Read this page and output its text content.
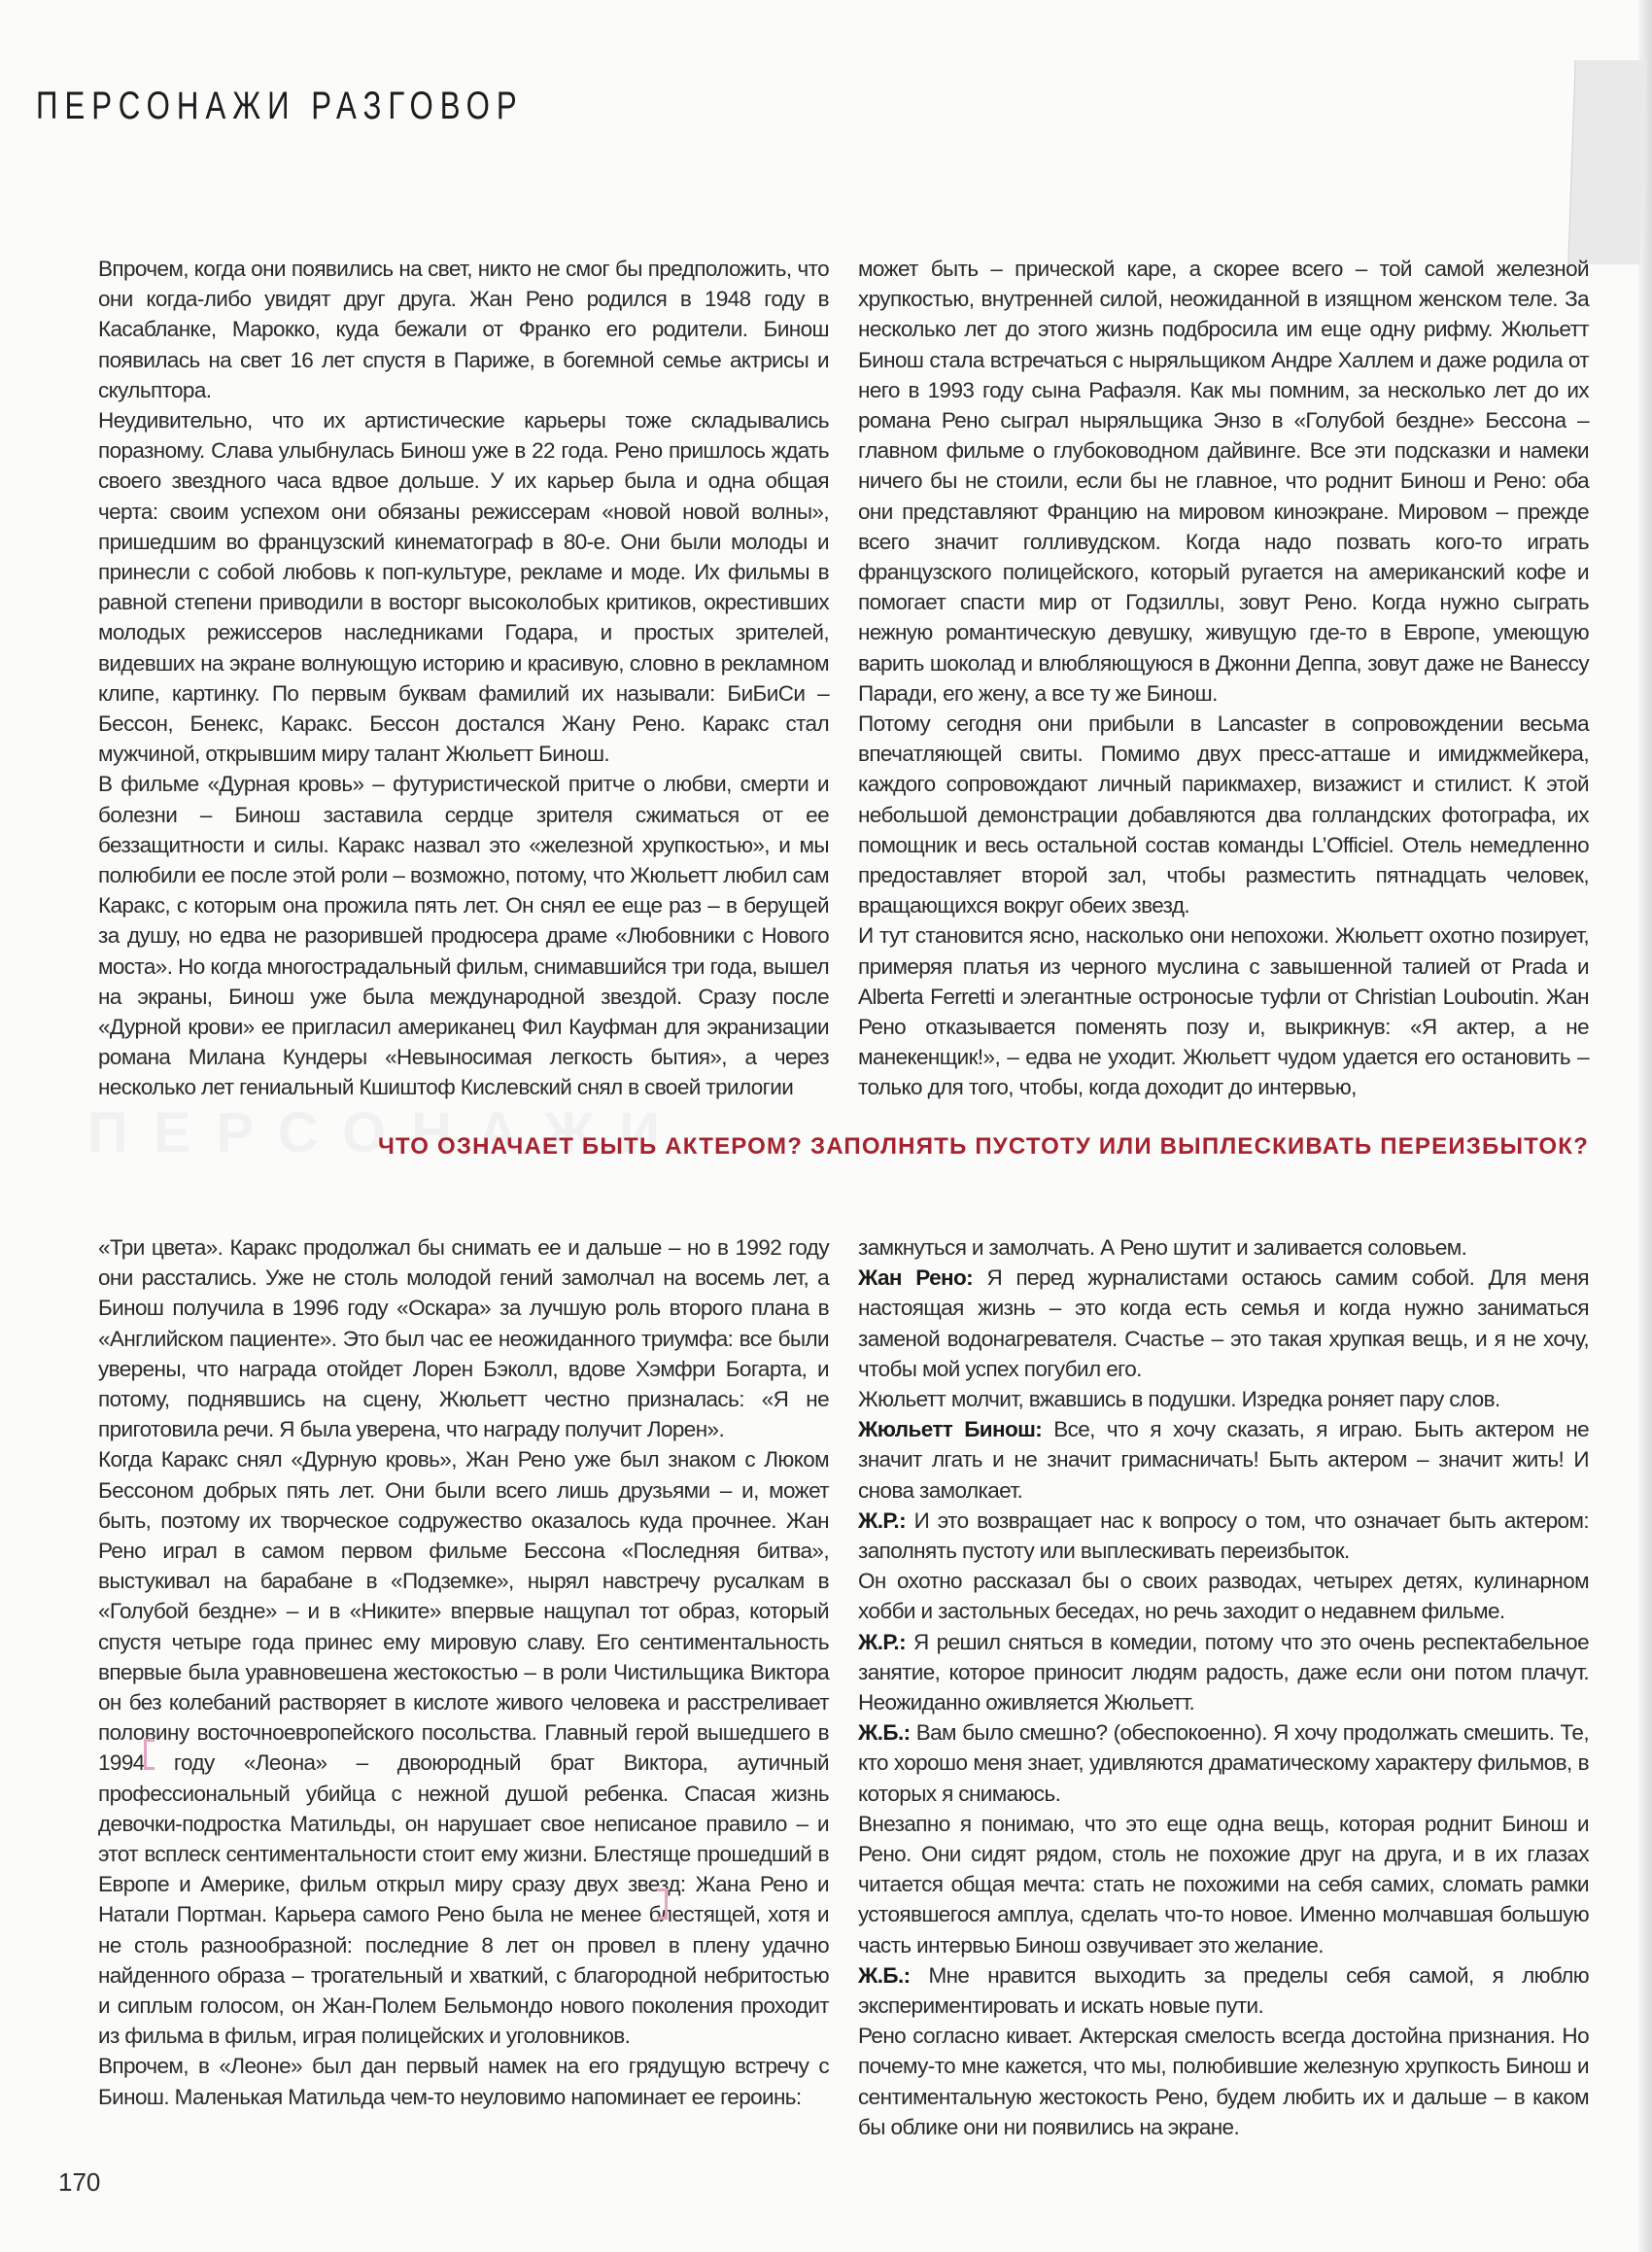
ПЕРСОНАЖИ РАЗГОВОР

Впрочем, когда они появились на свет, никто не смог бы предположить, что они когда-либо увидят друг друга. Жан Рено родился в 1948 году в Касабланке, Марокко, куда бежали от Франко его родители. Бинош появилась на свет 16 лет спустя в Париже, в богемной семье актрисы и скульптора.

Неудивительно, что их артистические карьеры тоже складывались поразному. Слава улыбнулась Бинош уже в 22 года. Рено пришлось ждать своего звездного часа вдвое дольше. У их карьер была и одна общая черта: своим успехом они обязаны режиссерам «новой новой волны», пришедшим во французский кинематограф в 80-е. Они были молоды и принесли с собой любовь к поп-культуре, рекламе и моде. Их фильмы в равной степени приводили в восторг высоколобых критиков, окрестивших молодых режиссеров наследниками Годара, и простых зрителей, видевших на экране волнующую историю и красивую, словно в рекламном клипе, картинку. По первым буквам фамилий их называли: БиБиСи – Бессон, Бенекс, Каракс. Бессон достался Жану Рено. Каракс стал мужчиной, открывшим миру талант Жюльетт Бинош.

В фильме «Дурная кровь» – футуристической притче о любви, смерти и болезни – Бинош заставила сердце зрителя сжиматься от ее беззащитности и силы. Каракс назвал это «железной хрупкостью», и мы полюбили ее после этой роли – возможно, потому, что Жюльетт любил сам Каракс, с которым она прожила пять лет. Он снял ее еще раз – в берущей за душу, но едва не разорившей продюсера драме «Любовники с Нового моста». Но когда многострадальный фильм, снимавшийся три года, вышел на экраны, Бинош уже была международной звездой. Сразу после «Дурной крови» ее пригласил американец Фил Кауфман для экранизации романа Милана Кундеры «Невыносимая легкость бытия», а через несколько лет гениальный Кшиштоф Кислевский снял в своей трилогии

может быть – прической каре, а скорее всего – той самой железной хрупкостью, внутренней силой, неожиданной в изящном женском теле. За несколько лет до этого жизнь подбросила им еще одну рифму. Жюльетт Бинош стала встречаться с ныряльщиком Андре Халлем и даже родила от него в 1993 году сына Рафаэля. Как мы помним, за несколько лет до их романа Рено сыграл ныряльщика Энзо в «Голубой бездне» Бессона – главном фильме о глубоководном дайвинге. Все эти подсказки и намеки ничего бы не стоили, если бы не главное, что роднит Бинош и Рено: оба они представляют Францию на мировом киноэкране. Мировом – прежде всего значит голливудском. Когда надо позвать кого-то играть французского полицейского, который ругается на американский кофе и помогает спасти мир от Годзиллы, зовут Рено. Когда нужно сыграть нежную романтическую девушку, живущую где-то в Европе, умеющую варить шоколад и влюбляющуюся в Джонни Деппа, зовут даже не Ванессу Паради, его жену, а все ту же Бинош.

Потому сегодня они прибыли в Lancaster в сопровождении весьма впечатляющей свиты. Помимо двух пресс-атташе и имиджмейкера, каждого сопровождают личный парикмахер, визажист и стилист. К этой небольшой демонстрации добавляются два голландских фотографа, их помощник и весь остальной состав команды L’Officiel. Отель немедленно предоставляет второй зал, чтобы разместить пятнадцать человек, вращающихся вокруг обеих звезд.

И тут становится ясно, насколько они непохожи. Жюльетт охотно позирует, примеряя платья из черного муслина с завышенной талией от Prada и Alberta Ferretti и элегантные остроносые туфли от Christian Louboutin. Жан Рено отказывается поменять позу и, выкрикнув: «Я актер, а не манекенщик!», – едва не уходит. Жюльетт чудом удается его остановить – только для того, чтобы, когда доходит до интервью,

ПЕРСОНАЖИ
ЧТО ОЗНАЧАЕТ БЫТЬ АКТЕРОМ? ЗАПОЛНЯТЬ ПУСТОТУ ИЛИ ВЫПЛЕСКИВАТЬ ПЕРЕИЗБЫТОК?

«Три цвета». Каракс продолжал бы снимать ее и дальше – но в 1992 году они расстались. Уже не столь молодой гений замолчал на восемь лет, а Бинош получила в 1996 году «Оскара» за лучшую роль второго плана в «Английском пациенте». Это был час ее неожиданного триумфа: все были уверены, что награда отойдет Лорен Бэколл, вдове Хэмфри Богарта, и потому, поднявшись на сцену, Жюльетт честно призналась: «Я не приготовила речи. Я была уверена, что награду получит Лорен».

Когда Каракс снял «Дурную кровь», Жан Рено уже был знаком с Люком Бессоном добрых пять лет. Они были всего лишь друзьями – и, может быть, поэтому их творческое содружество оказалось куда прочнее. Жан Рено играл в самом первом фильме Бессона «Последняя битва», выстукивал на барабане в «Подземке», нырял навстречу русалкам в «Голубой бездне» – и в «Никите» впервые нащупал тот образ, который спустя четыре года принес ему мировую славу. Его сентиментальность впервые была уравновешена жестокостью – в роли Чистильщика Виктора он без колебаний растворяет в кислоте живого человека и расстреливает половину восточноевропейского посольства. Главный герой вышедшего в 1994 году «Леона» – двоюродный брат Виктора, аутичный профессиональный убийца с нежной душой ребенка. Спасая жизнь девочки-подростка Матильды, он нарушает свое неписаное правило – и этот всплеск сентиментальности стоит ему жизни. Блестяще прошедший в Европе и Америке, фильм открыл миру сразу двух звезд: Жана Рено и Натали Портман. Карьера самого Рено была не менее блестящей, хотя и не столь разнообразной: последние 8 лет он провел в плену удачно найденного образа – трогательный и хваткий, с благородной небритостью и сиплым голосом, он Жан-Полем Бельмондо нового поколения проходит из фильма в фильм, играя полицейских и уголовников.

Впрочем, в «Леоне» был дан первый намек на его грядущую встречу с Бинош. Маленькая Матильда чем-то неуловимо напоминает ее героинь:

замкнуться и замолчать. А Рено шутит и заливается соловьем.

Жан Рено: Я перед журналистами остаюсь самим собой. Для меня настоящая жизнь – это когда есть семья и когда нужно заниматься заменой водонагревателя. Счастье – это такая хрупкая вещь, и я не хочу, чтобы мой успех погубил его.

Жюльетт молчит, вжавшись в подушки. Изредка роняет пару слов.

Жюльетт Бинош: Все, что я хочу сказать, я играю. Быть актером не значит лгать и не значит гримасничать! Быть актером – значит жить! И снова замолкает.

Ж.Р.: И это возвращает нас к вопросу о том, что означает быть актером: заполнять пустоту или выплескивать переизбыток.

Он охотно рассказал бы о своих разводах, четырех детях, кулинарном хобби и застольных беседах, но речь заходит о недавнем фильме.

Ж.Р.: Я решил сняться в комедии, потому что это очень респектабельное занятие, которое приносит людям радость, даже если они потом плачут. Неожиданно оживляется Жюльетт.

Ж.Б.: Вам было смешно? (обеспокоенно). Я хочу продолжать смешить. Те, кто хорошо меня знает, удивляются драматическому характеру фильмов, в которых я снимаюсь.

Внезапно я понимаю, что это еще одна вещь, которая роднит Бинош и Рено. Они сидят рядом, столь не похожие друг на друга, и в их глазах читается общая мечта: стать не похожими на себя самих, сломать рамки устоявшегося амплуа, сделать что-то новое. Именно молчавшая большую часть интервью Бинош озвучивает это желание.

Ж.Б.: Мне нравится выходить за пределы себя самой, я люблю экспериментировать и искать новые пути.

Рено согласно кивает. Актерская смелость всегда достойна признания. Но почему-то мне кажется, что мы, полюбившие железную хрупкость Бинош и сентиментальную жестокость Рено, будем любить их и дальше – в каком бы облике они ни появились на экране.

170
